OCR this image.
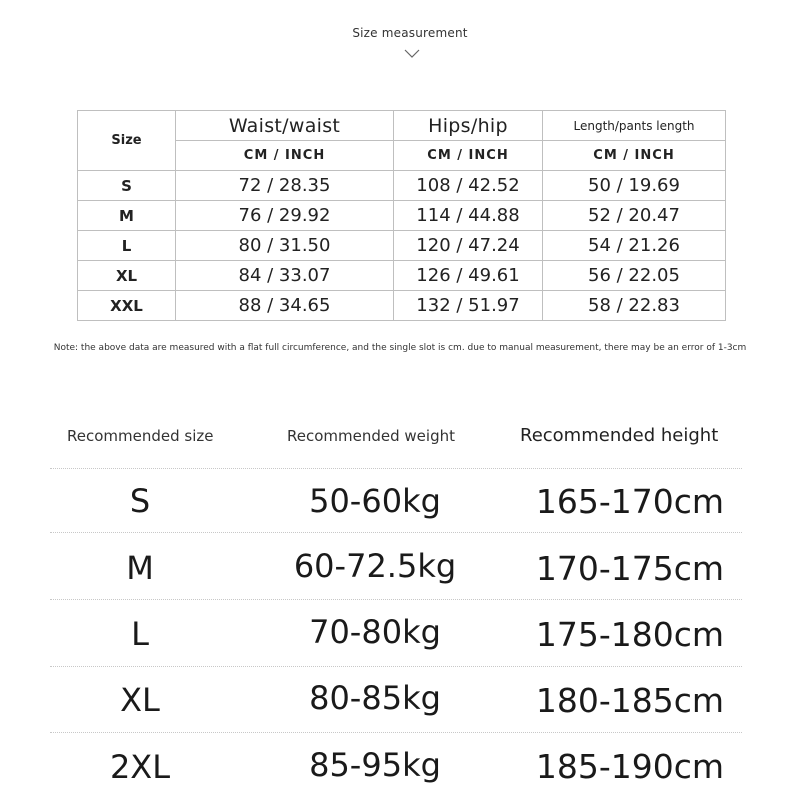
Size measurement
Size	Waist/waist	Hips/hip	Length/pants length
	CM / INCH	CM / INCH	CM / INCH
S	72 / 28.35	108 / 42.52	50 / 19.69
M	76 / 29.92	114 / 44.88	52 / 20.47
L	80 / 31.50	120 / 47.24	54 / 21.26
XL	84 / 33.07	126 / 49.61	56 / 22.05
XXL	88 / 34.65	132 / 51.97	58 / 22.83
Note: the above data are measured with a flat full circumference, and the single slot is cm. due to manual measurement, there may be an error of 1-3cm
Recommended size	Recommended weight	Recommended height
S	50-60kg	165-170cm
M	60-72.5kg	170-175cm
L	70-80kg	175-180cm
XL	80-85kg	180-185cm
2XL	85-95kg	185-190cm
